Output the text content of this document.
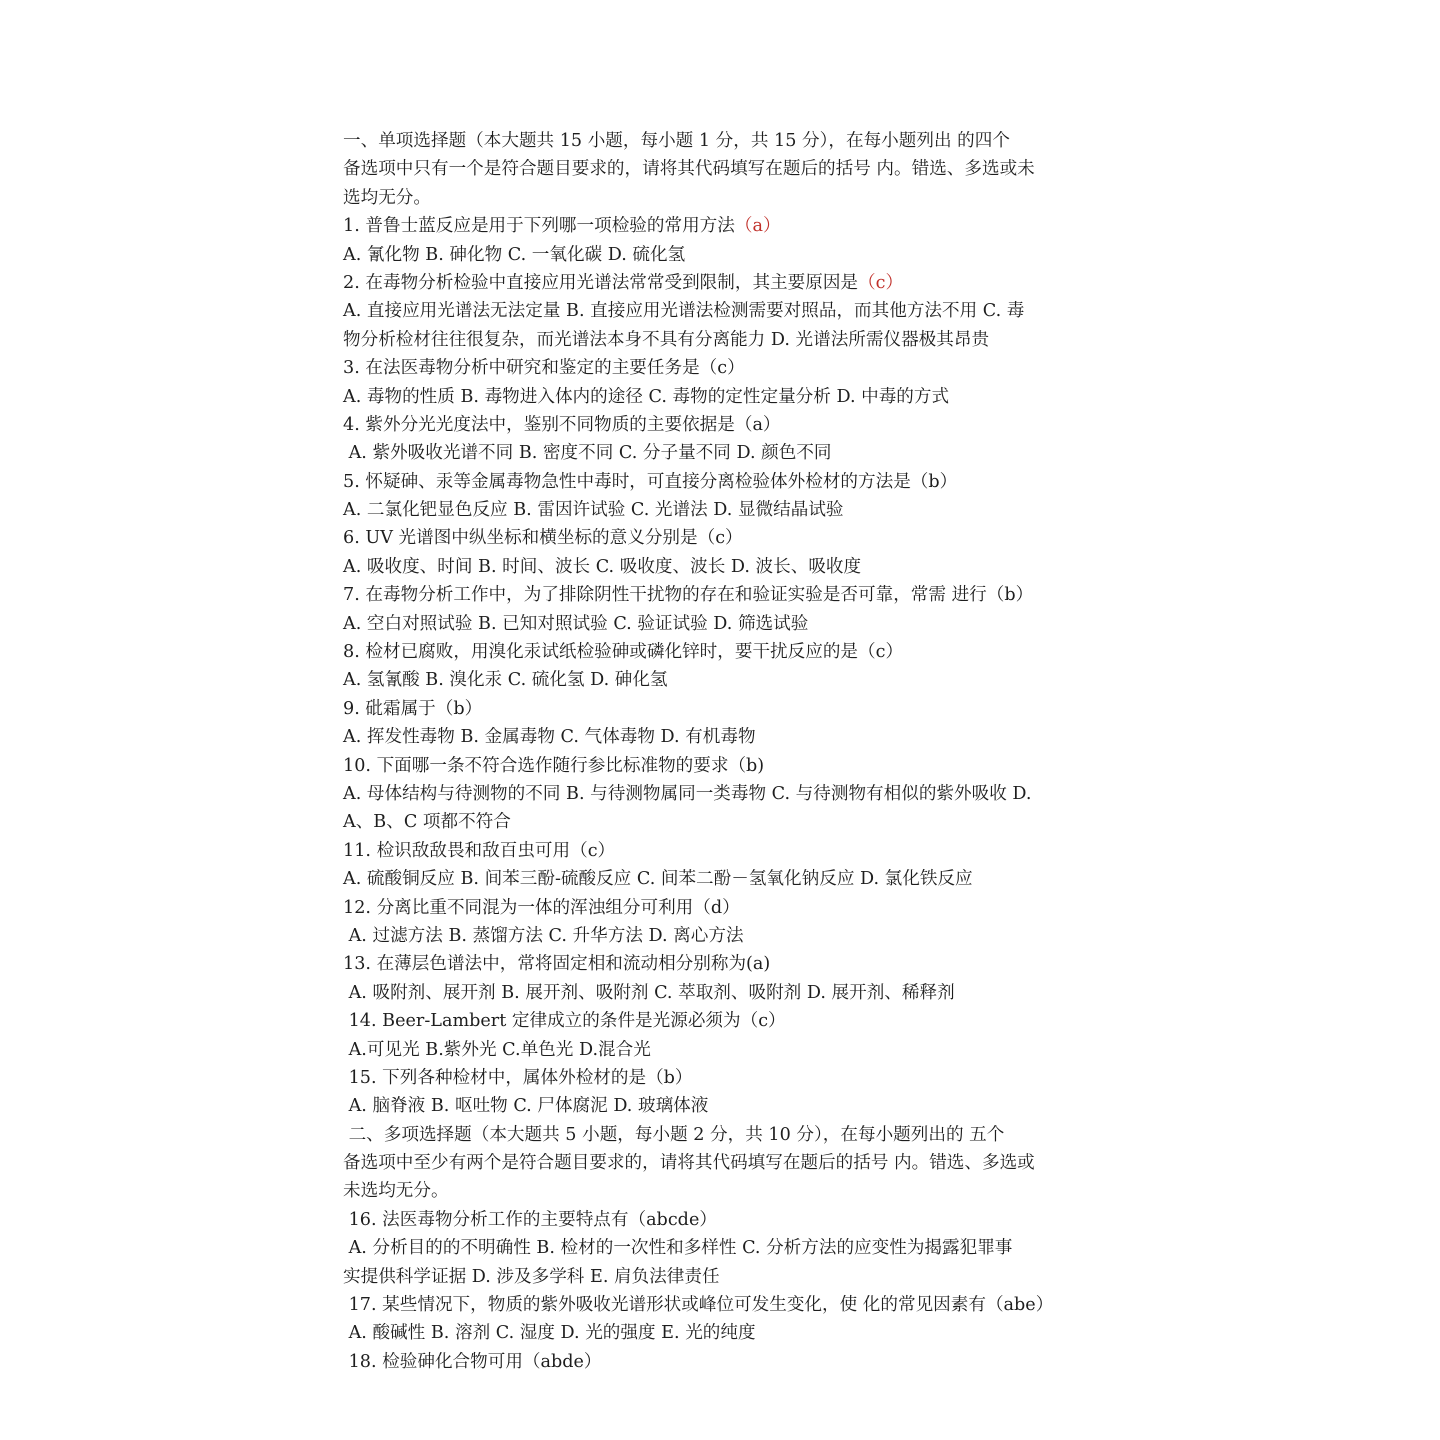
一、单项选择题（本大题共 15 小题，每小题 1 分，共 15 分），在每小题列出 的四个
备选项中只有一个是符合题目要求的，请将其代码填写在题后的括号 内。错选、多选或未
选均无分。
1. 普鲁士蓝反应是用于下列哪一项检验的常用方法（a）
A. 氰化物 B. 砷化物 C. 一氧化碳 D. 硫化氢
2. 在毒物分析检验中直接应用光谱法常常受到限制，其主要原因是（c）
A. 直接应用光谱法无法定量 B. 直接应用光谱法检测需要对照品，而其他方法不用 C. 毒
物分析检材往往很复杂，而光谱法本身不具有分离能力 D. 光谱法所需仪器极其昂贵
3. 在法医毒物分析中研究和鉴定的主要任务是（c）
A. 毒物的性质 B. 毒物进入体内的途径 C. 毒物的定性定量分析 D. 中毒的方式
4. 紫外分光光度法中，鉴别不同物质的主要依据是（a）
A. 紫外吸收光谱不同 B. 密度不同 C. 分子量不同 D. 颜色不同
5. 怀疑砷、汞等金属毒物急性中毒时，可直接分离检验体外检材的方法是（b）
A. 二氯化钯显色反应 B. 雷因许试验 C. 光谱法 D. 显微结晶试验
6. UV 光谱图中纵坐标和横坐标的意义分别是（c）
A. 吸收度、时间 B. 时间、波长 C. 吸收度、波长 D. 波长、吸收度
7. 在毒物分析工作中，为了排除阴性干扰物的存在和验证实验是否可靠，常需 进行（b）
A. 空白对照试验 B. 已知对照试验 C. 验证试验 D. 筛选试验
8. 检材已腐败，用溴化汞试纸检验砷或磷化锌时，要干扰反应的是（c）
A. 氢氰酸 B. 溴化汞 C. 硫化氢 D. 砷化氢
9. 砒霜属于（b）
A. 挥发性毒物 B. 金属毒物 C. 气体毒物 D. 有机毒物
10. 下面哪一条不符合选作随行参比标准物的要求（b)
A. 母体结构与待测物的不同 B. 与待测物属同一类毒物 C. 与待测物有相似的紫外吸收 D.
A、B、C 项都不符合
11. 检识敌敌畏和敌百虫可用（c）
A. 硫酸铜反应 B. 间苯三酚-硫酸反应 C. 间苯二酚－氢氧化钠反应 D. 氯化铁反应
12. 分离比重不同混为一体的浑浊组分可利用（d）
A. 过滤方法 B. 蒸馏方法 C. 升华方法 D. 离心方法
13. 在薄层色谱法中，常将固定相和流动相分别称为(a)
A. 吸附剂、展开剂 B. 展开剂、吸附剂 C. 萃取剂、吸附剂 D. 展开剂、稀释剂
14. Beer-Lambert 定律成立的条件是光源必须为（c）
A.可见光 B.紫外光 C.单色光 D.混合光
15. 下列各种检材中，属体外检材的是（b）
A. 脑脊液 B. 呕吐物 C. 尸体腐泥 D. 玻璃体液
二、多项选择题（本大题共 5 小题，每小题 2 分，共 10 分），在每小题列出的 五个
备选项中至少有两个是符合题目要求的，请将其代码填写在题后的括号 内。错选、多选或
未选均无分。
16. 法医毒物分析工作的主要特点有（abcde）
A. 分析目的的不明确性 B. 检材的一次性和多样性 C. 分析方法的应变性为揭露犯罪事
实提供科学证据 D. 涉及多学科 E. 肩负法律责任
17. 某些情况下，物质的紫外吸收光谱形状或峰位可发生变化，使 化的常见因素有（abe）
A. 酸碱性 B. 溶剂 C. 湿度 D. 光的强度 E. 光的纯度
18. 检验砷化合物可用（abde）
